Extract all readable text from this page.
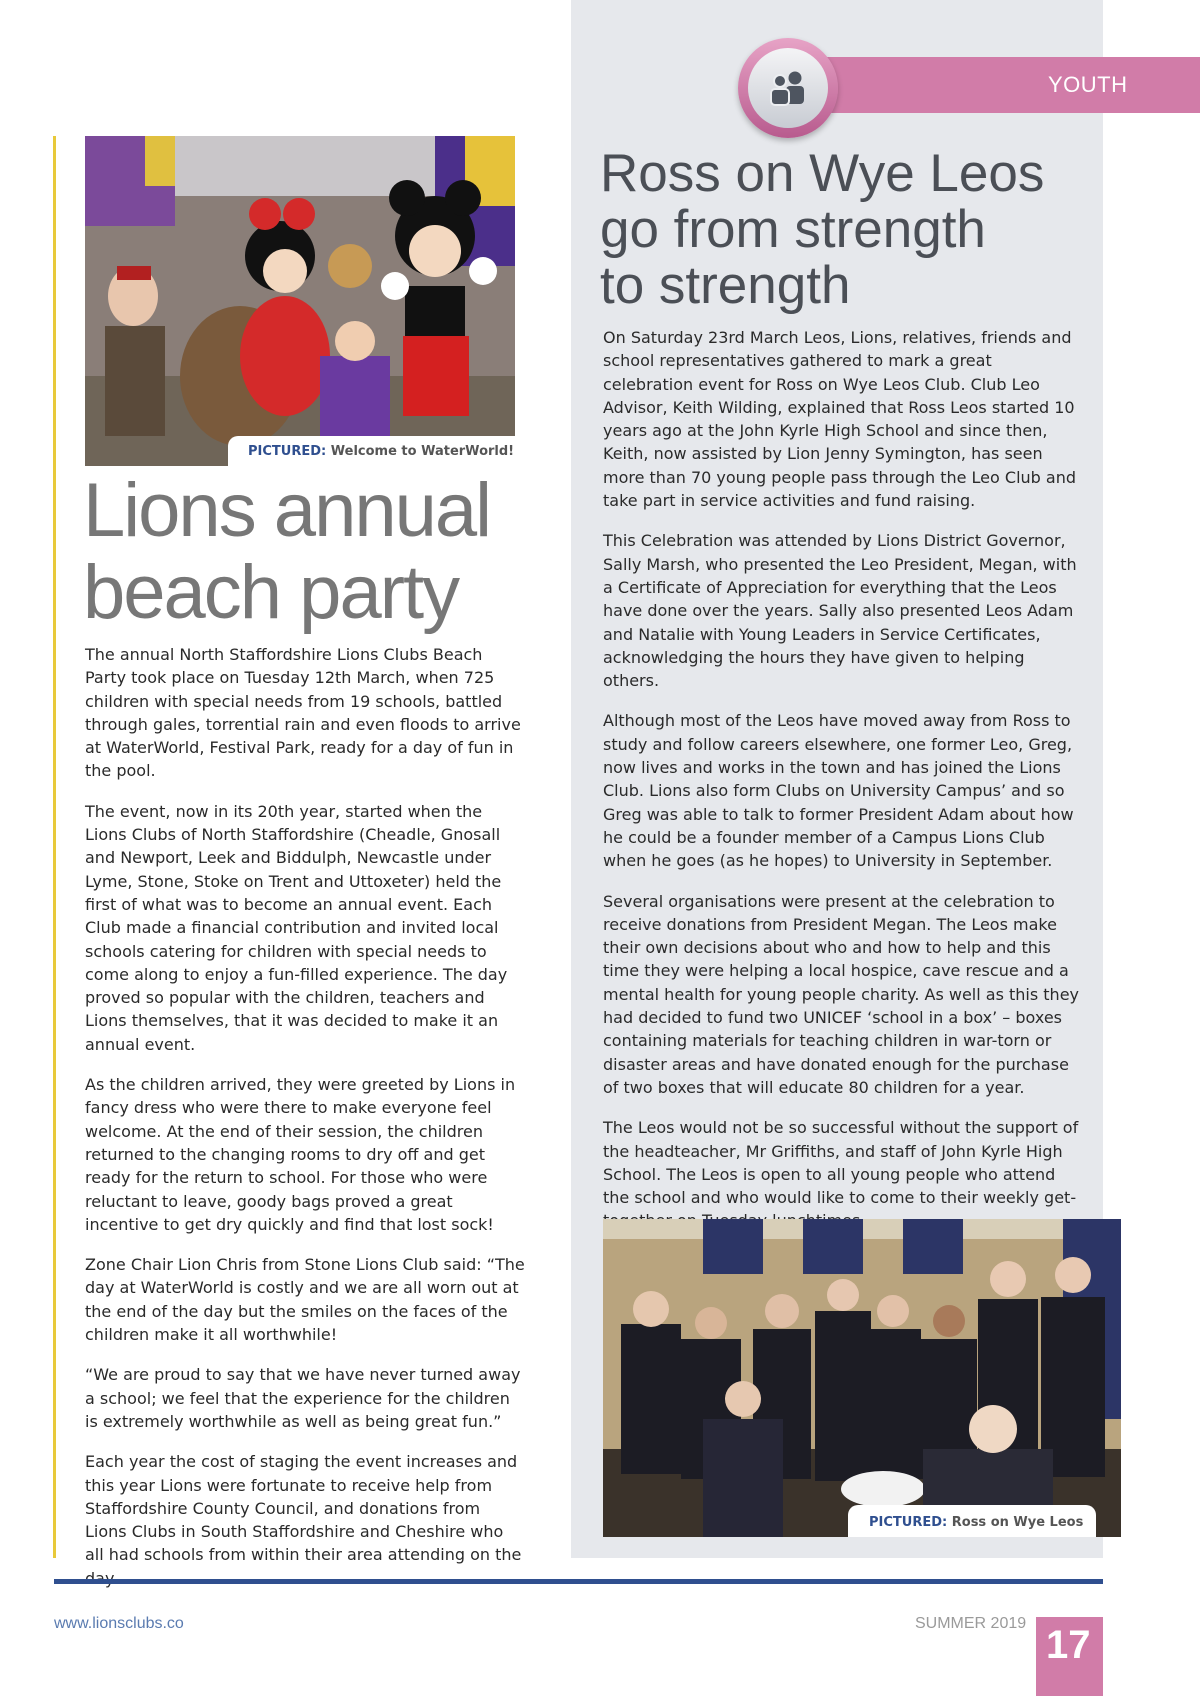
YOUTH
PICTURED: Welcome to WaterWorld!
Lions annual
beach party

The annual North Staffordshire Lions Clubs Beach Party took place on Tuesday 12th March, when 725 children with special needs from 19 schools, battled through gales, torrential rain and even floods to arrive at WaterWorld, Festival Park, ready for a day of fun in the pool.

The event, now in its 20th year, started when the Lions Clubs of North Staffordshire (Cheadle, Gnosall and Newport, Leek and Biddulph, Newcastle under Lyme, Stone, Stoke on Trent and Uttoxeter) held the first of what was to become an annual event. Each Club made a financial contribution and invited local schools catering for children with special needs to come along to enjoy a fun-filled experience. The day proved so popular with the children, teachers and Lions themselves, that it was decided to make it an annual event.

As the children arrived, they were greeted by Lions in fancy dress who were there to make everyone feel welcome. At the end of their session, the children returned to the changing rooms to dry off and get ready for the return to school. For those who were reluctant to leave, goody bags proved a great incentive to get dry quickly and find that lost sock!

Zone Chair Lion Chris from Stone Lions Club said: “The day at WaterWorld is costly and we are all worn out at the end of the day but the smiles on the faces of the children make it all worthwhile!

“We are proud to say that we have never turned away a school; we feel that the experience for the children is extremely worthwhile as well as being great fun.”

Each year the cost of staging the event increases and this year Lions were fortunate to receive help from Staffordshire County Council, and donations from Lions Clubs in South Staffordshire and Cheshire who all had schools from within their area attending on the

Ross on Wye Leos
go from strength
to strength

On Saturday 23rd March Leos, Lions, relatives, friends and school representatives gathered to mark a great celebration event for Ross on Wye Leos Club. Club Leo Advisor, Keith Wilding, explained that Ross Leos started 10 years ago at the John Kyrle High School and since then, Keith, now assisted by Lion Jenny Symington, has seen more than 70 young people pass through the Leo Club and take part in service activities and fund raising.

This Celebration was attended by Lions District Governor, Sally Marsh, who presented the Leo President, Megan, with a Certificate of Appreciation for everything that the Leos have done over the years. Sally also presented Leos Adam and Natalie with Young Leaders in Service Certificates, acknowledging the hours they have given to helping others.

Although most of the Leos have moved away from Ross to study and follow careers elsewhere, one former Leo, Greg, now lives and works in the town and has joined the Lions Club. Lions also form Clubs on University Campus’ and so Greg was able to talk to former President Adam about how he could be a founder member of a Campus Lions Club when he goes (as he hopes) to University in September.

Several organisations were present at the celebration to receive donations from President Megan. The Leos make their own decisions about who and how to help and this time they were helping a local hospice, cave rescue and a mental health for young people charity. As well as this they had decided to fund two UNICEF ‘school in a box’ – boxes containing materials for teaching children in war-torn or disaster areas and have donated enough for the purchase of two boxes that will educate 80 children for a year.

The Leos would not be so successful without the support of the headteacher, Mr Griffiths, and staff of John Kyrle High School. The Leos is open to all young people who attend the school and who would like to come to their weekly get-

PICTURED: Ross on Wye Leos
www.lionsclubs.co	SUMMER 2019 17
